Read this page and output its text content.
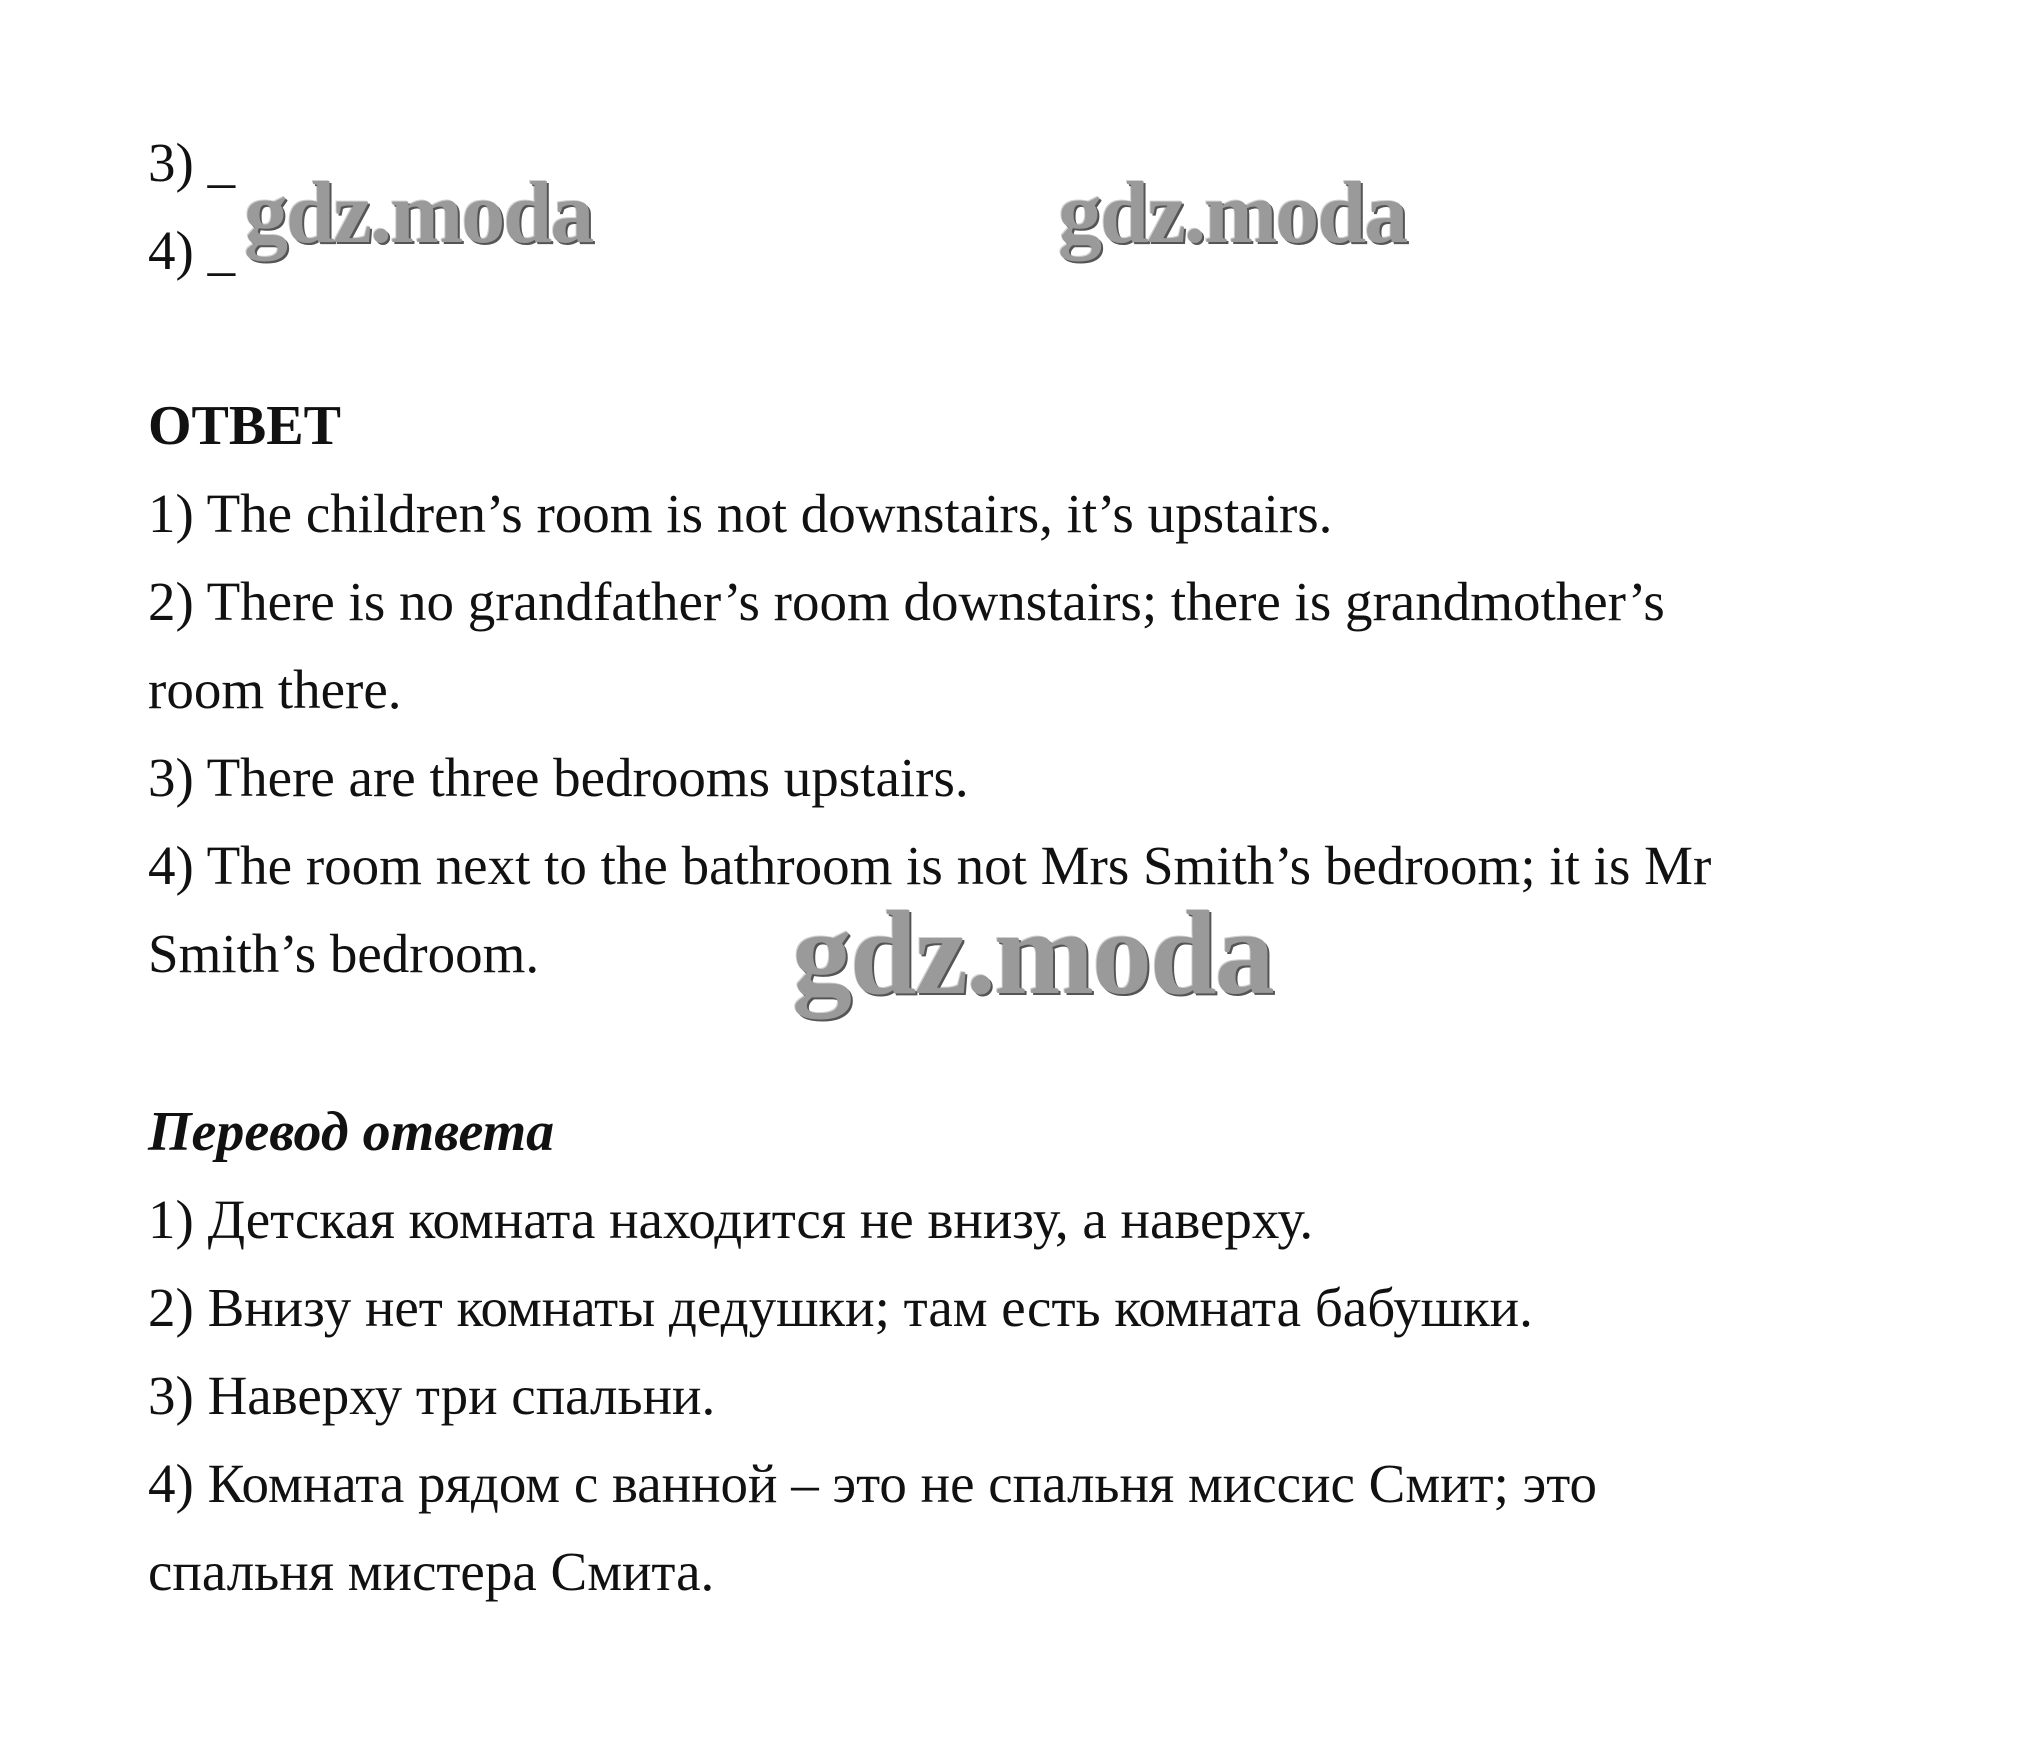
3) _
4) _
ОТВЕТ
1) The children’s room is not downstairs, it’s upstairs.
2) There is no grandfather’s room downstairs; there is grandmother’s
room there.
3) There are three bedrooms upstairs.
4) The room next to the bathroom is not Mrs Smith’s bedroom; it is Mr
Smith’s bedroom.
Перевод ответа
1) Детская комната находится не внизу, а наверху.
2) Внизу нет комнаты дедушки; там есть комната бабушки.
3) Наверху три спальни.
4) Комната рядом с ванной – это не спальня миссис Смит; это
спальня мистера Смита.
gdz.moda	gdz.moda
gdz.moda
